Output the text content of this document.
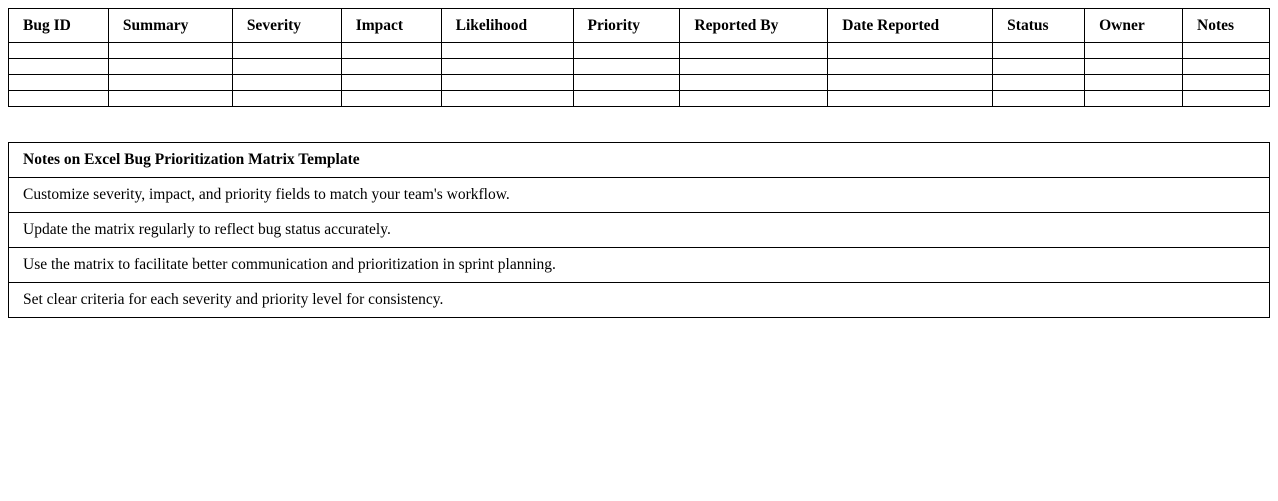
Bug ID	Summary	Severity	Impact	Likelihood	Priority	Reported By	Date Reported	Status	Owner	Notes

Notes on Excel Bug Prioritization Matrix Template
Customize severity, impact, and priority fields to match your team's workflow.
Update the matrix regularly to reflect bug status accurately.
Use the matrix to facilitate better communication and prioritization in sprint planning.
Set clear criteria for each severity and priority level for consistency.
